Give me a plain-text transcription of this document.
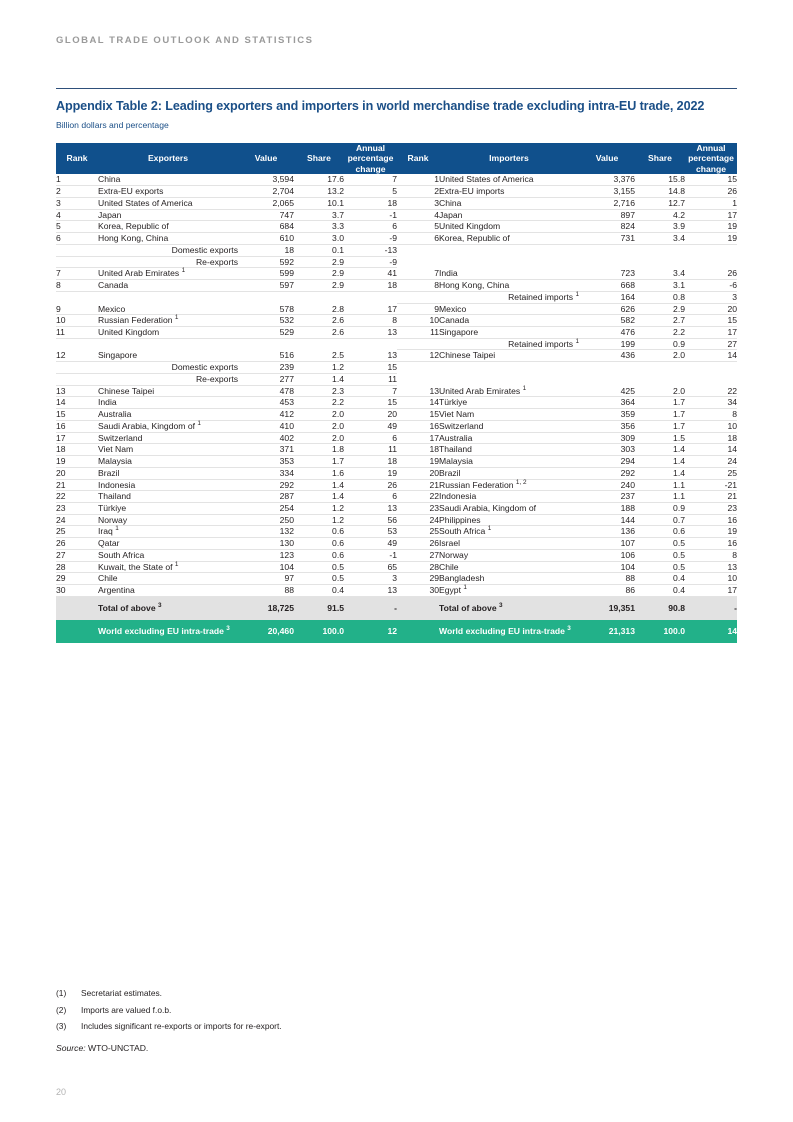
GLOBAL TRADE OUTLOOK AND STATISTICS
Appendix Table 2: Leading exporters and importers in world merchandise trade excluding intra-EU trade, 2022
Billion dollars and percentage
Rank	Exporters	Value	Share	Annual
percentage
change	Rank	Importers	Value	Share	Annual
percentage
change
1	China	3,594	17.6	7	1	United States of America	3,376	15.8	15
2	Extra-EU exports	2,704	13.2	5	2	Extra-EU imports	3,155	14.8	26
3	United States of America	2,065	10.1	18	3	China	2,716	12.7	1
4	Japan	747	3.7	-1	4	Japan	897	4.2	17
5	Korea, Republic of	684	3.3	6	5	United Kingdom	824	3.9	19
6	Hong Kong, China	610	3.0	-9	6	Korea, Republic of	731	3.4	19
	Domestic exports	18	0.1	-13					
	Re-exports	592	2.9	-9					
7	United Arab Emirates $^1$	599	2.9	41	7	India	723	3.4	26
8	Canada	597	2.9	18	8	Hong Kong, China	668	3.1	-6
						Retained imports $^1$	164	0.8	3
9	Mexico	578	2.8	17	9	Mexico	626	2.9	20
10	Russian Federation $^1$	532	2.6	8	10	Canada	582	2.7	15
11	United Kingdom	529	2.6	13	11	Singapore	476	2.2	17
						Retained imports $^1$	199	0.9	27
12	Singapore	516	2.5	13	12	Chinese Taipei	436	2.0	14
	Domestic exports	239	1.2	15					
	Re-exports	277	1.4	11					
13	Chinese Taipei	478	2.3	7	13	United Arab Emirates $^1$	425	2.0	22
14	India	453	2.2	15	14	Türkiye	364	1.7	34
15	Australia	412	2.0	20	15	Viet Nam	359	1.7	8
16	Saudi Arabia, Kingdom of $^1$	410	2.0	49	16	Switzerland	356	1.7	10
17	Switzerland	402	2.0	6	17	Australia	309	1.5	18
18	Viet Nam	371	1.8	11	18	Thailand	303	1.4	14
19	Malaysia	353	1.7	18	19	Malaysia	294	1.4	24
20	Brazil	334	1.6	19	20	Brazil	292	1.4	25
21	Indonesia	292	1.4	26	21	Russian Federation $^{1, 2}$	240	1.1	-21
22	Thailand	287	1.4	6	22	Indonesia	237	1.1	21
23	Türkiye	254	1.2	13	23	Saudi Arabia, Kingdom of	188	0.9	23
24	Norway	250	1.2	56	24	Philippines	144	0.7	16
25	Iraq $^1$	132	0.6	53	25	South Africa $^1$	136	0.6	19
26	Qatar	130	0.6	49	26	Israel	107	0.5	16
27	South Africa	123	0.6	-1	27	Norway	106	0.5	8
28	Kuwait, the State of $^1$	104	0.5	65	28	Chile	104	0.5	13
29	Chile	97	0.5	3	29	Bangladesh	88	0.4	10
30	Argentina	88	0.4	13	30	Egypt $^1$	86	0.4	17
	Total of above $^3$	18,725	91.5	-		Total of above $^3$	19,351	90.8	-
	World excluding EU intra-trade $^3$	20,460	100.0	12		World excluding EU intra-trade $^3$	21,313	100.0	14
(1) Secretariat estimates.
(2) Imports are valued f.o.b.
(3) Includes significant re-exports or imports for re-export.
Source: WTO-UNCTAD.
20
